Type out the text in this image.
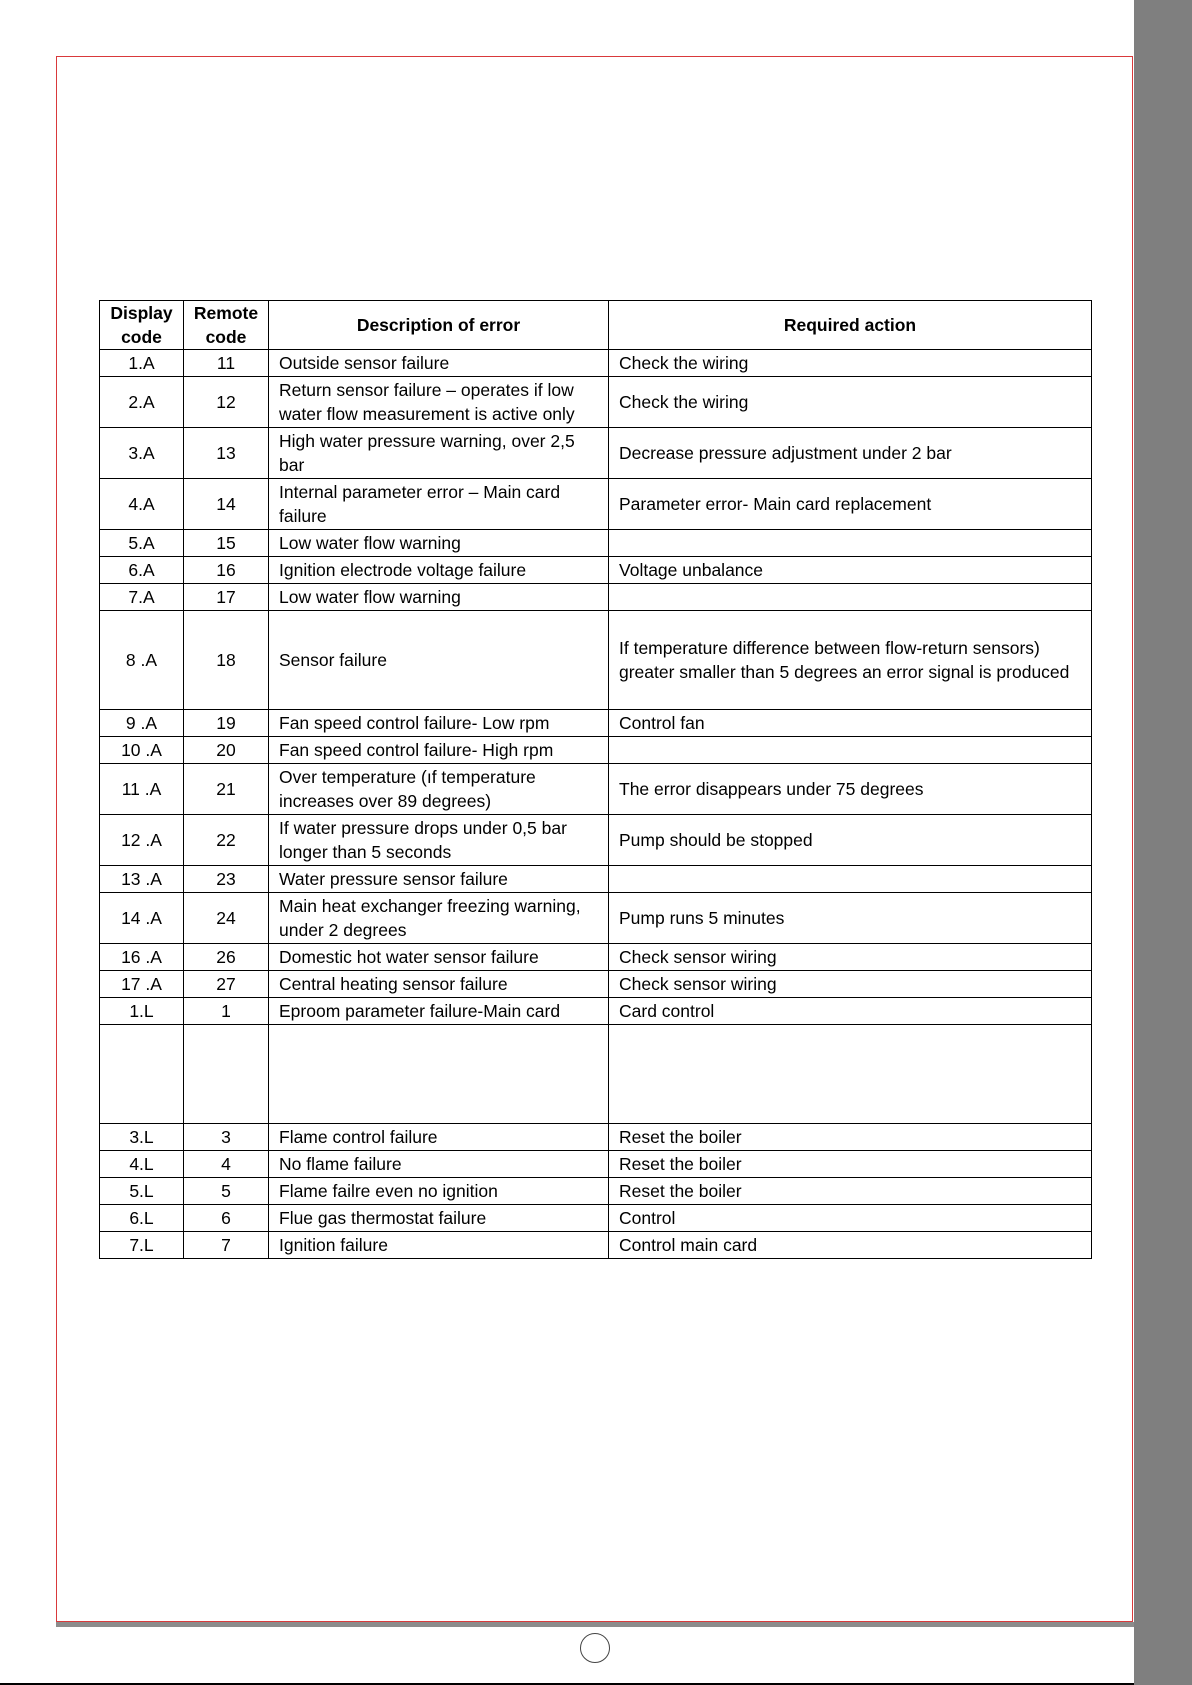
Display code	Remote code	Description of error	Required action
1.A	11	Outside sensor failure	Check the wiring
2.A	12	Return sensor failure – operates if low water flow measurement is active only	Check the wiring
3.A	13	High water pressure warning, over 2,5 bar	Decrease pressure adjustment under 2 bar
4.A	14	Internal parameter error – Main card failure	Parameter error- Main card replacement
5.A	15	Low water flow warning	
6.A	16	Ignition electrode voltage failure	Voltage unbalance
7.A	17	Low water flow warning	
8 .A	18	Sensor failure	If temperature difference between flow-return sensors) greater smaller than 5 degrees an error signal is produced
9 .A	19	Fan speed control failure- Low rpm	Control fan
10 .A	20	Fan speed control failure- High rpm	
11 .A	21	Over temperature (ıf temperature increases over 89 degrees)	The error disappears under 75 degrees
12 .A	22	If water pressure drops under 0,5 bar longer than 5 seconds	Pump should be stopped
13 .A	23	Water pressure sensor failure	
14 .A	24	Main heat exchanger freezing warning, under 2 degrees	Pump runs 5 minutes
16 .A	26	Domestic hot water sensor failure	Check sensor wiring
17 .A	27	Central heating sensor failure	Check sensor wiring
1.L	1	Eproom parameter failure-Main card	Card control

3.L	3	Flame control failure	Reset the boiler
4.L	4	No flame failure	Reset the boiler
5.L	5	Flame failre even no ignition	Reset the boiler
6.L	6	Flue gas thermostat failure	Control
7.L	7	Ignition failure	Control main card
